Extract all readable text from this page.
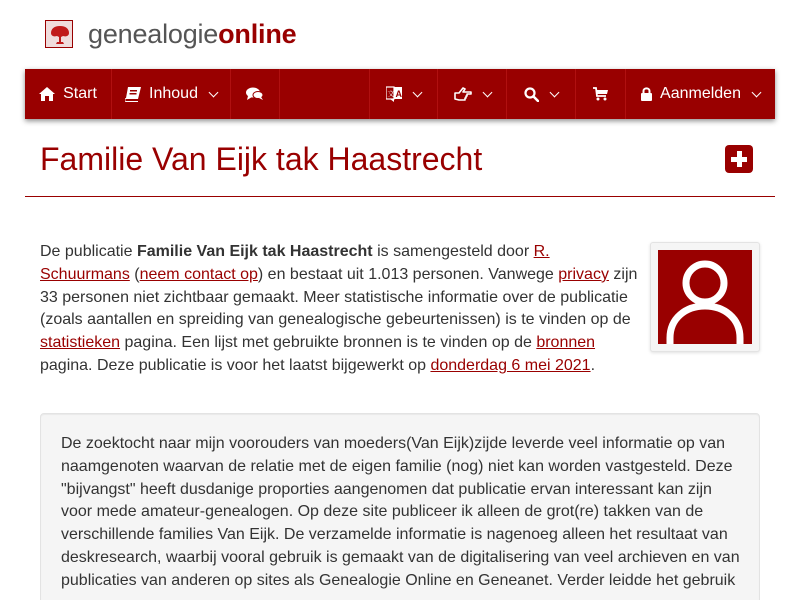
genealogieonline
Start	Inhoud	A
文	Aanmelden
Familie Van Eijk tak Haastrecht

De publicatie Familie Van Eijk tak Haastrecht is samengesteld door R. Schuurmans (neem contact op) en bestaat uit 1.013 personen. Vanwege privacy zijn 33 personen niet zichtbaar gemaakt. Meer statistische informatie over de publicatie (zoals aantallen en spreiding van genealogische gebeurtenissen) is te vinden op de statistieken pagina. Een lijst met gebruikte bronnen is te vinden op de bronnen pagina. Deze publicatie is voor het laatst bijgewerkt op donderdag 6 mei 2021.

De zoektocht naar mijn voorouders van moeders(Van Eijk)zijde leverde veel informatie op van
naamgenoten waarvan de relatie met de eigen familie (nog) niet kan worden vastgesteld. Deze
"bijvangst" heeft dusdanige proporties aangenomen dat publicatie ervan interessant kan zijn
voor mede amateur-genealogen. Op deze site publiceer ik alleen de grot(re) takken van de
verschillende families Van Eijk. De verzamelde informatie is nagenoeg alleen het resultaat van
deskresearch, waarbij vooral gebruik is gemaakt van de digitalisering van veel archieven en van
publicaties van anderen op sites als Genealogie Online en Geneanet. Verder leidde het gebruik
